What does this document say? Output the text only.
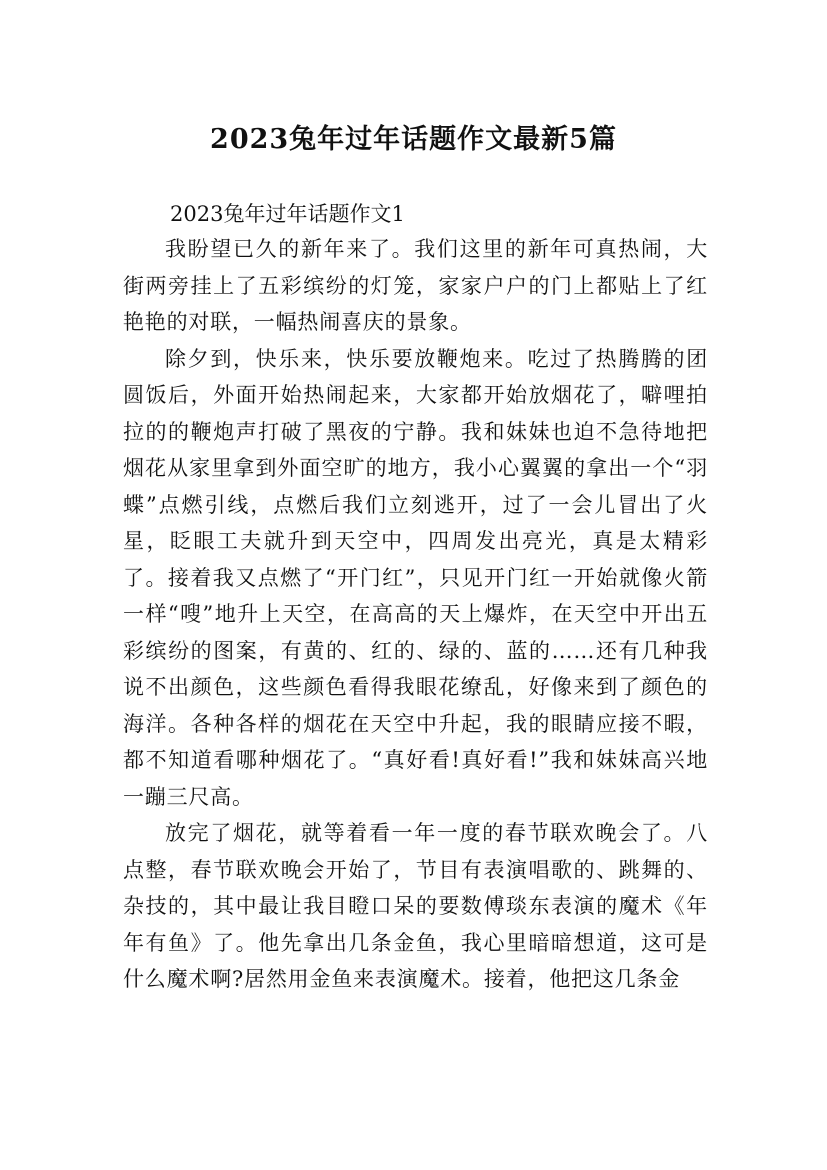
2023兔年过年话题作文最新5篇
2023兔年过年话题作文1

我盼望已久的新年来了。我们这里的新年可真热闹，大街两旁挂上了五彩缤纷的灯笼，家家户户的门上都贴上了红艳艳的对联，一幅热闹喜庆的景象。

除夕到，快乐来，快乐要放鞭炮来。吃过了热腾腾的团圆饭后，外面开始热闹起来，大家都开始放烟花了，噼哩拍拉的的鞭炮声打破了黑夜的宁静。我和妹妹也迫不急待地把烟花从家里拿到外面空旷的地方，我小心翼翼的拿出一个“羽蝶”点燃引线，点燃后我们立刻逃开，过了一会儿冒出了火星，眨眼工夫就升到天空中，四周发出亮光，真是太精彩了。接着我又点燃了“开门红”，只见开门红一开始就像火箭一样“嗖”地升上天空，在高高的天上爆炸，在天空中开出五彩缤纷的图案，有黄的、红的、绿的、蓝的……还有几种我说不出颜色，这些颜色看得我眼花缭乱，好像来到了颜色的海洋。各种各样的烟花在天空中升起，我的眼睛应接不暇，都不知道看哪种烟花了。“真好看!真好看!”我和妹妹高兴地一蹦三尺高。

放完了烟花，就等着看一年一度的春节联欢晚会了。八点整，春节联欢晚会开始了，节目有表演唱歌的、跳舞的、杂技的，其中最让我目瞪口呆的要数傅琰东表演的魔术《年年有鱼》了。他先拿出几条金鱼，我心里暗暗想道，这可是什么魔术啊?居然用金鱼来表演魔术。接着，他把这几条金
